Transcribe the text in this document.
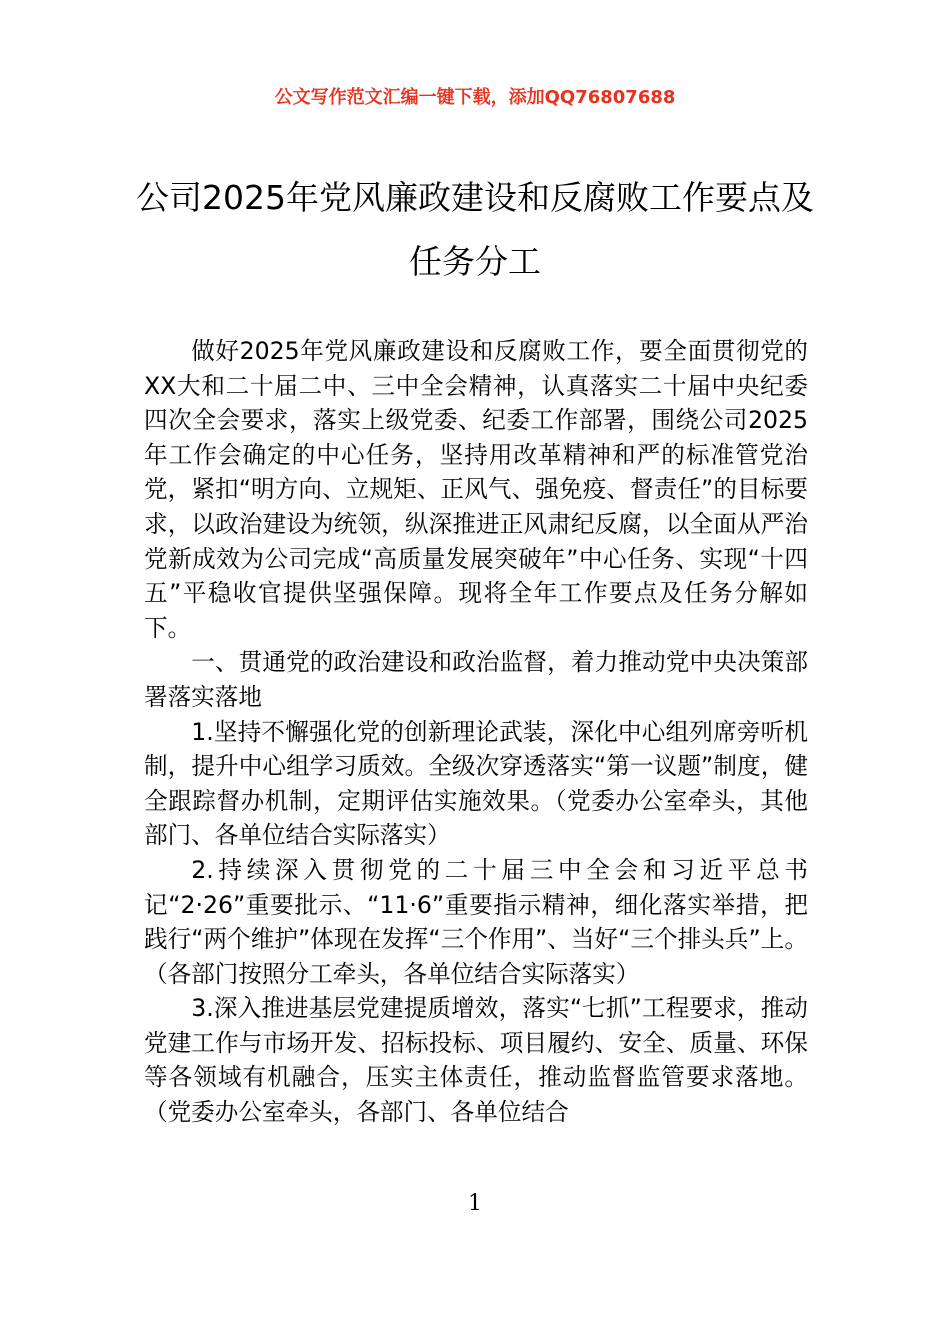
公文写作范文汇编一键下载，添加QQ76807688
公司2025年党风廉政建设和反腐败工作要点及任务分工

做好2025年党风廉政建设和反腐败工作，要全面贯彻党的XX大和二十届二中、三中全会精神，认真落实二十届中央纪委四次全会要求，落实上级党委、纪委工作部署，围绕公司2025年工作会确定的中心任务，坚持用改革精神和严的标准管党治党，紧扣“明方向、立规矩、正风气、强免疫、督责任”的目标要求，以政治建设为统领，纵深推进正风肃纪反腐，以全面从严治党新成效为公司完成“高质量发展突破年”中心任务、实现“十四五”平稳收官提供坚强保障。现将全年工作要点及任务分解如下。

一、贯通党的政治建设和政治监督，着力推动党中央决策部署落实落地

1.坚持不懈强化党的创新理论武装，深化中心组列席旁听机制，提升中心组学习质效。全级次穿透落实“第一议题”制度，健全跟踪督办机制，定期评估实施效果。（党委办公室牵头，其他部门、各单位结合实际落实）

2.持续深入贯彻党的二十届三中全会和习近平总书记“2·26”重要批示、“11·6”重要指示精神，细化落实举措，把践行“两个维护”体现在发挥“三个作用”、当好“三个排头兵”上。（各部门按照分工牵头，各单位结合实际落实）

3.深入推进基层党建提质增效，落实“七抓”工程要求，推动党建工作与市场开发、招标投标、项目履约、安全、质量、环保等各领域有机融合，压实主体责任，推动监督监管要求落地。（党委办公室牵头，各部门、各单位结合

1
